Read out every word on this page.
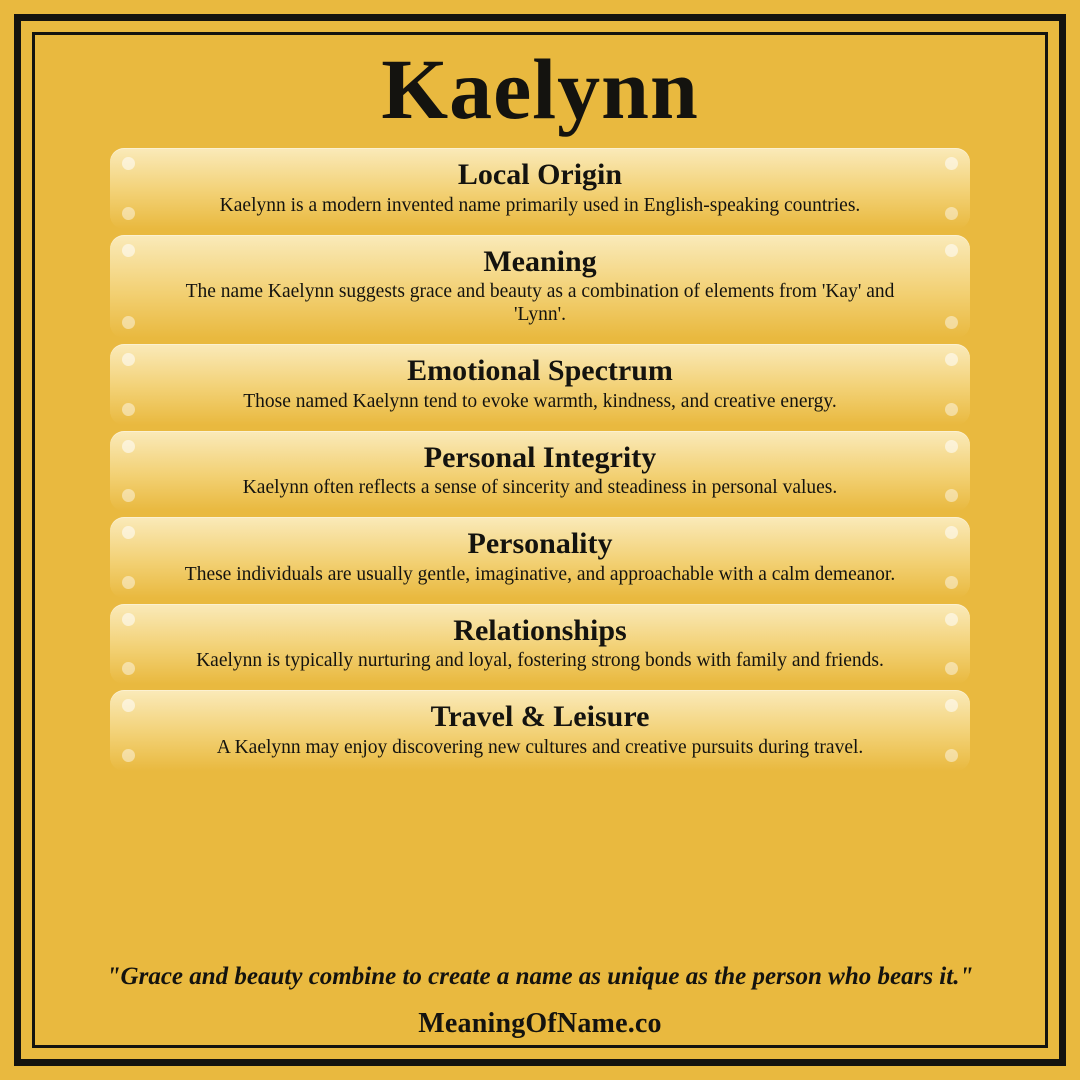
Kaelynn
Local Origin
Kaelynn is a modern invented name primarily used in English-speaking countries.
Meaning
The name Kaelynn suggests grace and beauty as a combination of elements from 'Kay' and 'Lynn'.
Emotional Spectrum
Those named Kaelynn tend to evoke warmth, kindness, and creative energy.
Personal Integrity
Kaelynn often reflects a sense of sincerity and steadiness in personal values.
Personality
These individuals are usually gentle, imaginative, and approachable with a calm demeanor.
Relationships
Kaelynn is typically nurturing and loyal, fostering strong bonds with family and friends.
Travel & Leisure
A Kaelynn may enjoy discovering new cultures and creative pursuits during travel.
"Grace and beauty combine to create a name as unique as the person who bears it."
MeaningOfName.co
